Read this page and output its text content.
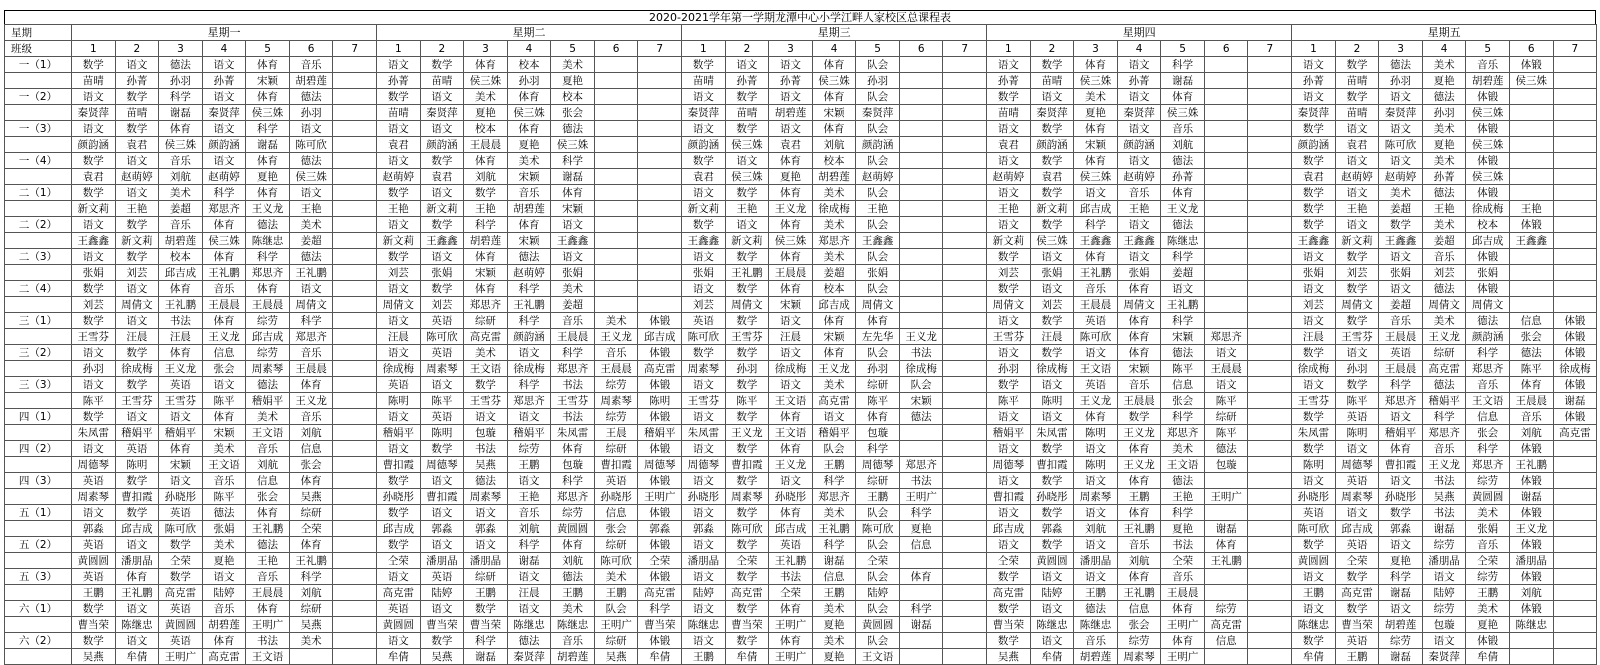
2020-2021学年第一学期龙潭中心小学江畔人家校区总课程表
星期	星期一							星期二							星期三							星期四							星期五						
班级	1	2	3	4	5	6	7	1	2	3	4	5	6	7	1	2	3	4	5	6	7	1	2	3	4	5	6	7	1	2	3	4	5	6	7
一（1）	数学	语文	德法	语文	体育	音乐		语文	数学	体育	校本	美术			数学	语文	语文	体育	队会			语文	数学	体育	语文	科学			语文	数学	德法	美术	音乐	体锻	
	苗晴	孙菁	孙羽	孙菁	宋颖	胡碧莲		孙菁	苗晴	侯三姝	孙羽	夏艳			苗晴	孙菁	孙菁	侯三姝	孙羽			孙菁	苗晴	侯三姝	孙菁	谢磊			孙菁	苗晴	孙羽	夏艳	胡碧莲	侯三姝	
一（2）	语文	数学	科学	语文	体育	德法		数学	语文	美术	体育	校本			语文	数学	语文	体育	队会			数学	语文	美术	语文	体育			语文	数学	语文	德法	体锻		
	秦贤萍	苗晴	谢磊	秦贤萍	侯三姝	孙羽		苗晴	秦贤萍	夏艳	侯三姝	张会			秦贤萍	苗晴	胡碧莲	宋颖	秦贤萍			苗晴	秦贤萍	夏艳	秦贤萍	侯三姝			秦贤萍	苗晴	秦贤萍	孙羽	侯三姝		
一（3）	语文	数学	体育	语文	科学	语文		语文	语文	校本	体育	德法			语文	数学	语文	体育	队会			语文	数学	体育	语文	音乐			数学	语文	语文	美术	体锻		
	颜韵涵	袁君	侯三姝	颜韵涵	谢磊	陈可欣		袁君	颜韵涵	王晨晨	夏艳	侯三姝			颜韵涵	侯三姝	袁君	刘航	颜韵涵			袁君	颜韵涵	宋颖	颜韵涵	刘航			颜韵涵	袁君	陈可欣	夏艳	侯三姝		
一（4）	数学	语文	音乐	语文	体育	德法		语文	数学	体育	美术	科学			数学	语文	体育	校本	队会			语文	数学	体育	语文	德法			数学	语文	语文	美术	体锻		
	袁君	赵萌婷	刘航	赵萌婷	夏艳	侯三姝		赵萌婷	袁君	刘航	宋颖	谢磊			袁君	侯三姝	夏艳	胡碧莲	赵萌婷			赵萌婷	袁君	侯三姝	赵萌婷	孙菁			袁君	赵萌婷	赵萌婷	孙菁	侯三姝		
二（1）	数学	语文	美术	科学	体育	语文		数学	语文	数学	音乐	体育			语文	数学	体育	美术	队会			语文	数学	语文	音乐	体育			数学	语文	美术	德法	体锻		
	新文莉	王艳	姜超	郑思齐	王义龙	王艳		王艳	新文莉	王艳	胡碧莲	宋颖			新文莉	王艳	王义龙	徐成梅	王艳			王艳	新文莉	邱吉成	王艳	王义龙			数学	王艳	姜超	王艳	徐成梅	王艳	
二（2）	语文	数学	音乐	体育	德法	美术		语文	数学	科学	体育	语文			数学	语文	体育	美术	队会			语文	数学	科学	语文	德法			数学	语文	数学	美术	校本	体锻	
	王鑫鑫	新文莉	胡碧莲	侯三姝	陈继忠	姜超		新文莉	王鑫鑫	胡碧莲	宋颖	王鑫鑫			王鑫鑫	新文莉	侯三姝	郑思齐	王鑫鑫			新文莉	侯三姝	王鑫鑫	王鑫鑫	陈继忠			王鑫鑫	新文莉	王鑫鑫	姜超	邱吉成	王鑫鑫	
二（3）	语文	数学	校本	体育	科学	德法		数学	语文	体育	德法	语文			语文	数学	体育	美术	队会			数学	语文	体育	语文	科学			语文	数学	语文	音乐	体锻		
	张娟	刘芸	邱吉成	王礼鹏	郑思齐	王礼鹏		刘芸	张娟	宋颖	赵萌婷	张娟			张娟	王礼鹏	王晨晨	姜超	张娟			刘芸	张娟	王礼鹏	张娟	姜超			张娟	刘芸	张娟	刘芸	张娟		
二（4）	数学	语文	体育	音乐	体育	语文		语文	数学	体育	科学	美术			语文	数学	体育	校本	队会			数学	语文	音乐	体育	语文			语文	数学	语文	德法	体锻		
	刘芸	周倩文	王礼鹏	王晨晨	王晨晨	周倩文		周倩文	刘芸	郑思齐	王礼鹏	姜超			刘芸	周倩文	宋颖	邱吉成	周倩文			周倩文	刘芸	王晨晨	周倩文	王礼鹏			刘芸	周倩文	姜超	周倩文	周倩文		
三（1）	数学	语文	书法	体育	综劳	科学		语文	英语	综研	科学	音乐	美术	体锻	英语	数学	语文	体育	体育			语文	数学	英语	体育	科学			语文	数学	音乐	美术	德法	信息	体锻
	王雪芬	汪晨	汪晨	王义龙	邱吉成	郑思齐		汪晨	陈可欣	高克雷	颜韵涵	王晨晨	王义龙	邱吉成	陈可欣	王雪芬	汪晨	宋颖	左先华	王义龙		王雪芬	汪晨	陈可欣	体育	宋颖	郑思齐		汪晨	王雪芬	王晨晨	王义龙	颜韵涵	张会	体锻
三（2）	语文	数学	体育	信息	综劳	音乐		语文	英语	美术	语文	科学	音乐	体锻	数学	数学	语文	体育	队会	书法		语文	数学	语文	体育	德法	语文		数学	语文	英语	综研	科学	德法	体锻
	孙羽	徐成梅	王义龙	张会	周素琴	王晨晨		徐成梅	周素琴	王文语	徐成梅	郑思齐	王晨晨	高克雷	周素琴	孙羽	徐成梅	王义龙	孙羽	徐成梅		孙羽	徐成梅	王文语	宋颖	陈平	王晨晨		徐成梅	孙羽	王晨晨	高克雷	郑思齐	陈平	徐成梅
三（3）	语文	数学	英语	语文	德法	体育		英语	语文	数学	科学	书法	综劳	体锻	语文	数学	语文	美术	综研	队会		数学	语文	英语	音乐	信息	语文		语文	数学	科学	德法	音乐	体育	体锻
	陈平	王雪芬	王雪芬	陈平	稽娟平	王义龙		陈明	陈平	王雪芬	郑思齐	王雪芬	周素琴	陈明	王雪芬	陈平	王文语	高克雷	陈平	宋颖		陈平	陈明	王义龙	王晨晨	张会	陈平		王雪芬	陈平	郑思齐	稽娟平	王文语	王晨晨	谢磊
四（1）	数学	语文	语文	体育	美术	音乐		语文	英语	语文	语文	书法	综劳	体锻	语文	数学	体育	语文	体育	德法		语文	语文	体育	数学	科学	综研		数学	英语	语文	科学	信息	音乐	体锻
	朱凤雷	稽娟平	稽娟平	宋颖	王文语	刘航		稽娟平	陈明	包璇	稽娟平	朱凤雷	王晨	稽娟平	朱凤雷	王义龙	王文语	稽娟平	包璇			稽娟平	朱凤雷	陈明	王义龙	郑思齐	陈平		朱凤雷	陈明	稽娟平	郑思齐	张会	刘航	高克雷
四（2）	语文	英语	体育	美术	音乐	信息		语文	数学	书法	综劳	体育	综研	体锻	语文	数学	体育	队会	科学			语文	数学	语文	体育	美术	德法		数学	语文	体育	音乐	科学	体锻	
	周德琴	陈明	宋颖	王文语	刘航	张会		曹扣霞	周德琴	吴燕	王鹏	包璇	曹扣霞	周德琴	周德琴	曹扣霞	王义龙	王鹏	周德琴	郑思齐		周德琴	曹扣霞	陈明	王义龙	王文语	包璇		陈明	周德琴	曹扣霞	王义龙	郑思齐	王礼鹏	
四（3）	英语	数学	语文	音乐	信息	体育		数学	语文	德法	语文	科学	英语	体锻	语文	数学	语文	科学	综研	书法		语文	数学	语文	体育	德法			语文	英语	语文	书法	综劳	体锻	
	周素琴	曹扣霞	孙晓彤	陈平	张会	吴燕		孙晓彤	曹扣霞	周素琴	王艳	郑思齐	孙晓彤	王明广	孙晓彤	周素琴	孙晓彤	郑思齐	王鹏	王明广		曹扣霞	孙晓彤	周素琴	王鹏	王艳	王明广		孙晓彤	周素琴	孙晓彤	吴燕	黄圆圆	谢磊	
五（1）	语文	数学	英语	德法	体育	综研		数学	语文	语文	音乐	综劳	信息	体锻	语文	数学	体育	美术	队会	科学		语文	数学	语文	体育	科学			英语	语文	数学	书法	美术	体锻	
	郭淼	邱吉成	陈可欣	张娟	王礼鹏	仝荣		邱吉成	郭淼	郭淼	刘航	黄圆圆	张会	郭淼	郭淼	陈可欣	邱吉成	王礼鹏	陈可欣	夏艳		邱吉成	郭淼	刘航	王礼鹏	夏艳	谢磊		陈可欣	邱吉成	郭淼	谢磊	张娟	王义龙	
五（2）	英语	语文	数学	美术	德法	体育		数学	语文	语文	科学	体育	综研	体锻	语文	数学	英语	科学	队会	信息		语文	数学	语文	音乐	书法	体育		数学	英语	语文	综劳	音乐	体锻	
	黄圆圆	潘朋晶	仝荣	夏艳	王艳	王礼鹏		仝荣	潘朋晶	潘朋晶	谢磊	刘航	陈可欣	仝荣	潘朋晶	仝荣	王礼鹏	谢磊	仝荣			仝荣	黄圆圆	潘朋晶	刘航	仝荣	王礼鹏		黄圆圆	仝荣	夏艳	潘朋晶	仝荣	潘朋晶	
五（3）	英语	体育	数学	语文	音乐	科学		语文	英语	综研	语文	德法	美术	体锻	语文	数学	书法	信息	队会	体育		数学	语文	语文	体育	音乐			语文	数学	科学	语文	综劳	体锻	
	王鹏	王礼鹏	高克雷	陆婷	王晨晨	刘航		高克雷	陆婷	王鹏	汪晨	王鹏	王鹏	高克雷	陆婷	高克雷	仝荣	王鹏	陆婷			高克雷	陆婷	王鹏	王礼鹏	王晨晨			王鹏	高克雷	谢磊	陆婷	王鹏	刘航	
六（1）	数学	语文	英语	音乐	体育	综研		英语	语文	数学	语文	美术	队会	科学	语文	数学	体育	美术	队会	科学		数学	语文	德法	信息	体育	综劳		语文	数学	语文	综劳	美术	体锻	
	曹当荣	陈继忠	黄圆圆	胡碧莲	王明广	吴燕		黄圆圆	曹当荣	曹当荣	陈继忠	陈继忠	王明广	曹当荣	陈继忠	曹当荣	王明广	夏艳	黄圆圆	谢磊		曹当荣	陈继忠	陈继忠	张会	王明广	高克雷		陈继忠	曹当荣	胡碧莲	包璇	夏艳	陈继忠	
六（2）	数学	语文	英语	体育	书法	美术		语文	数学	科学	德法	音乐	综研	体锻	语文	数学	体育	美术	队会			数学	语文	音乐	综劳	体育	信息		数学	英语	综劳	语文	体锻		
	吴燕	牟倩	王明广	高克雷	王文语			牟倩	吴燕	谢磊	秦贤萍	胡碧莲	吴燕	牟倩	王鹏	牟倩	王明广	夏艳	王文语			吴燕	牟倩	胡碧莲	周素琴	王明广			牟倩	王鹏	谢磊	秦贤萍	牟倩		
